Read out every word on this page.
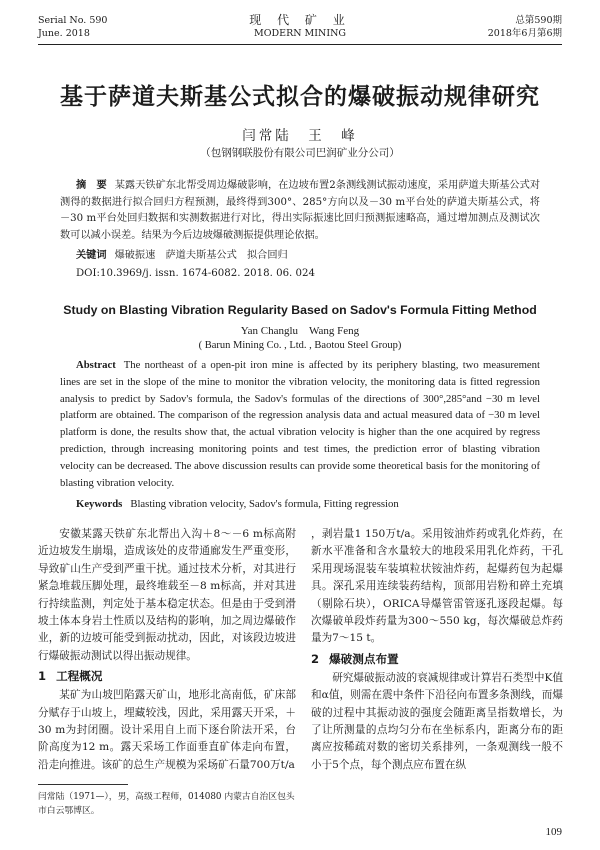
Serial No. 590
June. 2018
现 代 矿 业
MODERN MINING
总第590期
2018年6月第6期
基于萨道夫斯基公式拟合的爆破振动规律研究
闫常陆　王　峰
（包钢钢联股份有限公司巴润矿业分公司）
摘　要 某露天铁矿东北帮受周边爆破影响，在边坡布置2条测线测试振动速度，采用萨道夫斯基公式对测得的数据进行拟合回归方程预测，最终得到300°、285°方向以及－30 m平台处的萨道夫斯基公式，将－30 m平台处回归数据和实测数据进行对比，得出实际振速比回归预测振速略高，通过增加测点及测试次数可以减小误差。结果为今后边坡爆破测振提供理论依据。
关键词 爆破振速　萨道夫斯基公式　拟合回归
DOI:10.3969/j. issn. 1674-6082. 2018. 06. 024
Study on Blasting Vibration Regularity Based on Sadov's Formula Fitting Method
Yan Changlu　Wang Feng
( Barun Mining Co. , Ltd. , Baotou Steel Group)
Abstract The northeast of a open-pit iron mine is affected by its periphery blasting, two measurement lines are set in the slope of the mine to monitor the vibration velocity, the monitoring data is fitted regression analysis to predict by Sadov's formula, the Sadov's formulas of the directions of 300°,285°and −30 m level platform are obtained. The comparison of the regression analysis data and actual measured data of −30 m level platform is done, the results show that, the actual vibration velocity is higher than the one acquired by regress prediction, through increasing monitoring points and test times, the prediction error of blasting vibration velocity can be decreased. The above discussion results can provide some theoretical basis for the monitoring of blasting vibration velocity.
Keywords Blasting vibration velocity, Sadov's formula, Fitting regression

安徽某露天铁矿东北帮出入沟＋8～－6 m标高附近边坡发生崩塌，造成该处的皮带通廊发生严重变形，导致矿山生产受到严重干扰。通过技术分析，对其进行紧急堆载压脚处理，最终堆载至－8 m标高，并对其进行持续监测，判定处于基本稳定状态。但是由于受到滑坡土体本身岩土性质以及结构的影响，加之周边爆破作业，新的边坡可能受到振动扰动，因此，对该段边坡进行爆破振动测试以得出振动规律。

1 工程概况

某矿为山坡凹陷露天矿山，地形北高南低，矿床部分赋存于山坡上，埋藏较浅，因此，采用露天开采，＋30 m为封闭圈。设计采用自上而下逐台阶法开采，台阶高度为12 m。露天采场工作面垂直矿体走向布置，沿走向推进。该矿的总生产规模为采场矿石量700万t/a

，剥岩量1 150万t/a。采用铵油炸药或乳化炸药，在新水平准备和含水量较大的地段采用乳化炸药，干孔采用现场混装车装填粒状铵油炸药，起爆药包为起爆具。深孔采用连续装药结构，顶部用岩粉和碎土充填（剔除石块），ORICA导爆管雷管逐孔逐段起爆。每次爆破单段炸药量为300～550 kg，每次爆破总炸药量为7～15 t。

2 爆破测点布置

研究爆破振动波的衰减规律或计算岩石类型中K值和α值，则需在震中条件下沿径向布置多条测线，而爆破的过程中其振动波的强度会随距离呈指数增长，为了让所测量的点均匀分布在坐标系内，距离分布的距离应按稀疏对数的密切关系排列，一条观测线一般不小于5个点，每个测点应布置在纵

闫常陆（1971—），男，高级工程师，014080 内蒙古自治区包头市白云鄂博区。
109
